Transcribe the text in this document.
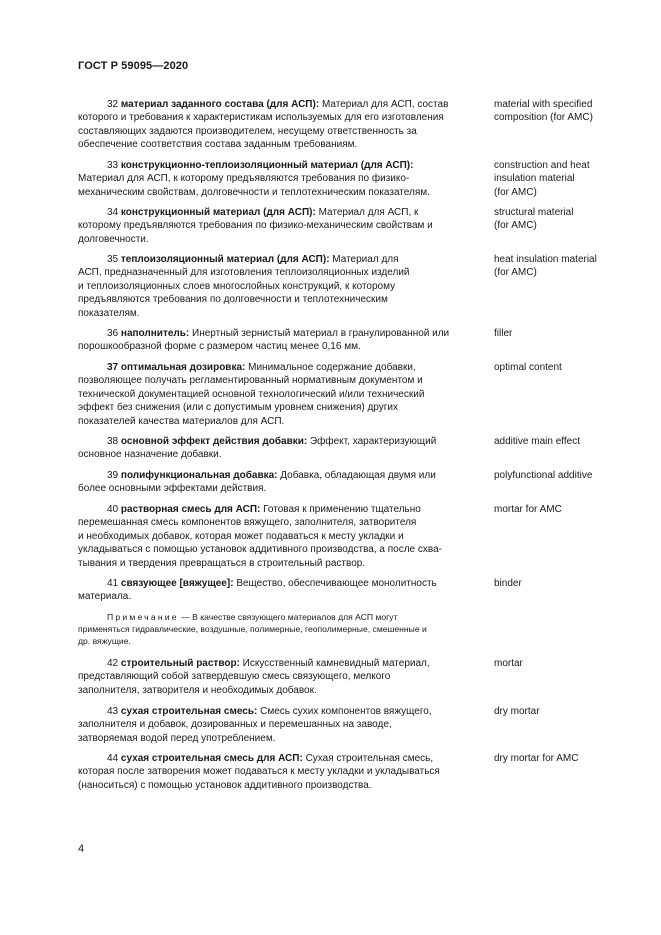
ГОСТ Р 59095—2020
32 материал заданного состава (для АСП): Материал для АСП, состав
которого и требования к характеристикам используемых для его изготовления
составляющих задаются производителем, несущему ответственность за
обеспечение соответствия состава заданным требованиям.
material with specified
composition (for AMC)
33 конструкционно-теплоизоляционный материал (для АСП):
Материал для АСП, к которому предъявляются требования по физико-
механическим свойствам, долговечности и теплотехническим показателям.
construction and heat
insulation material
(for AMC)
34 конструкционный материал (для АСП): Материал для АСП, к
которому предъявляются требования по физико-механическим свойствам и
долговечности.
structural material
(for AMC)
35 теплоизоляционный материал (для АСП): Материал для
АСП, предназначенный для изготовления теплоизоляционных изделий
и теплоизоляционных слоев многослойных конструкций, к которому
предъявляются требования по долговечности и теплотехническим
показателям.
heat insulation material
(for AMC)
36 наполнитель: Инертный зернистый материал в гранулированной или
порошкообразной форме с размером частиц менее 0,16 мм.
filler
37 оптимальная дозировка: Минимальное содержание добавки,
позволяющее получать регламентированный нормативным документом и
технической документацией основной технологический и/или технический
эффект без снижения (или с допустимым уровнем снижения) других
показателей качества материалов для АСП.
optimal content
38 основной эффект действия добавки: Эффект, характеризующий
основное назначение добавки.
additive main effect
39 полифункциональная добавка: Добавка, обладающая двумя или
более основными эффектами действия.
polyfunctional additive
40 растворная смесь для АСП: Готовая к применению тщательно
перемешанная смесь компонентов вяжущего, заполнителя, затворителя
и необходимых добавок, которая может подаваться к месту укладки и
укладываться с помощью установок аддитивного производства, а после схва-
тывания и твердения превращаться в строительный раствор.
mortar for AMC
41 связующее [вяжущее]: Вещество, обеспечивающее монолитность
материала.
binder
Примечание — В качестве связующего материалов для АСП могут
применяться гидравлические, воздушные, полимерные, геополимерные, смешенные и
др. вяжущие.
42 строительный раствор: Искусственный камневидный материал,
представляющий собой затвердевшую смесь связующего, мелкого
заполнителя, затворителя и необходимых добавок.
mortar
43 сухая строительная смесь: Смесь сухих компонентов вяжущего,
заполнителя и добавок, дозированных и перемешанных на заводе,
затворяемая водой перед употреблением.
dry mortar
44 сухая строительная смесь для АСП: Сухая строительная смесь,
которая после затворения может подаваться к месту укладки и укладываться
(наноситься) с помощью установок аддитивного производства.
dry mortar for AMC
4
